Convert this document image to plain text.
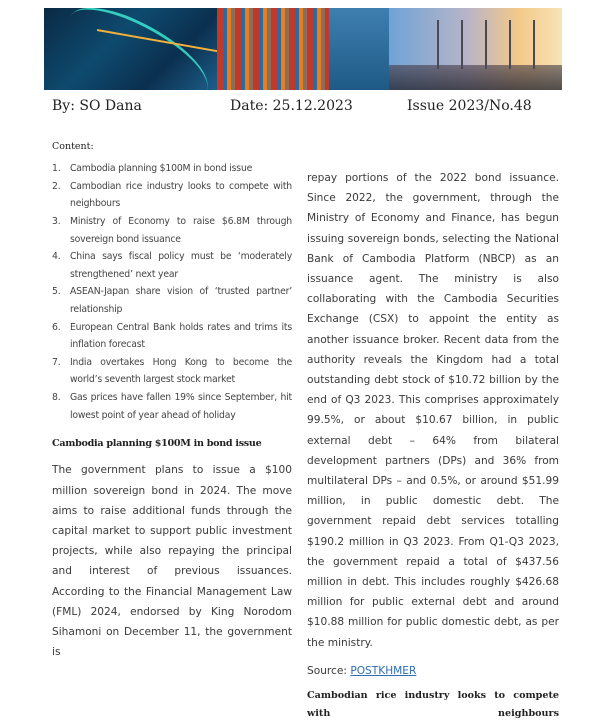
By: SO Dana	Date: 25.12.2023	Issue 2023/No.48
Content:
1. Cambodia planning $100M in bond issue
2. Cambodian rice industry looks to compete with neighbours
3. Ministry of Economy to raise $6.8M through sovereign bond issuance
4. China says fiscal policy must be ‘moderately strengthened’ next year
5. ASEAN-Japan share vision of ‘trusted partner’ relationship
6. European Central Bank holds rates and trims its inflation forecast
7. India overtakes Hong Kong to become the world’s seventh largest stock market
8. Gas prices have fallen 19% since September, hit lowest point of year ahead of holiday
Cambodia planning $100M in bond issue

The government plans to issue a $100 million sovereign bond in 2024. The move aims to raise additional funds through the capital market to support public investment projects, while also repaying the principal and interest of previous issuances. According to the Financial Management Law (FML) 2024, endorsed by King Norodom Sihamoni on December 11, the government is

repay portions of the 2022 bond issuance. Since 2022, the government, through the Ministry of Economy and Finance, has begun issuing sovereign bonds, selecting the National Bank of Cambodia Platform (NBCP) as an issuance agent. The ministry is also collaborating with the Cambodia Securities Exchange (CSX) to appoint the entity as another issuance broker. Recent data from the authority reveals the Kingdom had a total outstanding debt stock of $10.72 billion by the end of Q3 2023. This comprises approximately 99.5%, or about $10.67 billion, in public external debt – 64% from bilateral development partners (DPs) and 36% from multilateral DPs – and 0.5%, or around $51.99 million, in public domestic debt. The government repaid debt services totalling $190.2 million in Q3 2023. From Q1-Q3 2023, the government repaid a total of $437.56 million in debt. This includes roughly $426.68 million for public external debt and around $10.88 million for public domestic debt, as per the ministry.

Source: POSTKHMER
Cambodian rice industry looks to compete with neighbours
